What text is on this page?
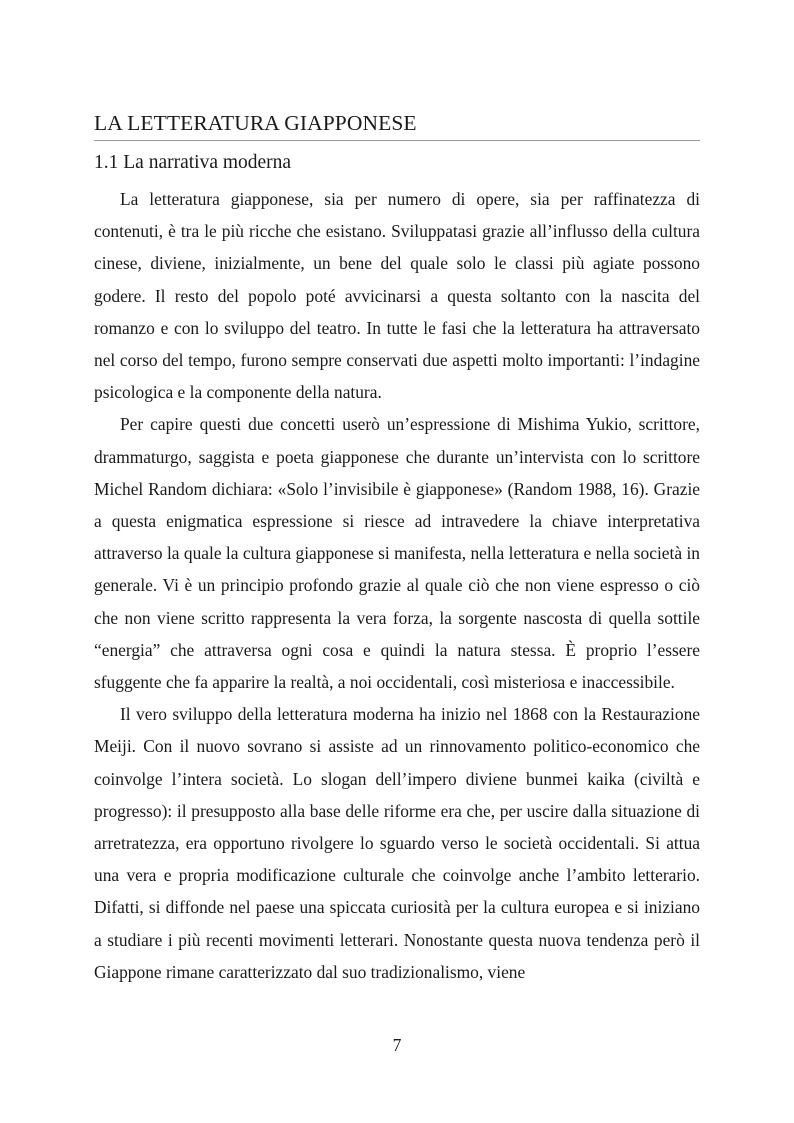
LA LETTERATURA GIAPPONESE
1.1 La narrativa moderna

La letteratura giapponese, sia per numero di opere, sia per raffinatezza di contenuti, è tra le più ricche che esistano. Sviluppatasi grazie all’influsso della cultura cinese, diviene, inizialmente, un bene del quale solo le classi più agiate possono godere. Il resto del popolo poté avvicinarsi a questa soltanto con la nascita del romanzo e con lo sviluppo del teatro. In tutte le fasi che la letteratura ha attraversato nel corso del tempo, furono sempre conservati due aspetti molto importanti: l’indagine psicologica e la componente della natura.

Per capire questi due concetti userò un’espressione di Mishima Yukio, scrittore, drammaturgo, saggista e poeta giapponese che durante un’intervista con lo scrittore Michel Random dichiara: «Solo l’invisibile è giapponese» (Random 1988, 16). Grazie a questa enigmatica espressione si riesce ad intravedere la chiave interpretativa attraverso la quale la cultura giapponese si manifesta, nella letteratura e nella società in generale. Vi è un principio profondo grazie al quale ciò che non viene espresso o ciò che non viene scritto rappresenta la vera forza, la sorgente nascosta di quella sottile “energia” che attraversa ogni cosa e quindi la natura stessa. È proprio l’essere sfuggente che fa apparire la realtà, a noi occidentali, così misteriosa e inaccessibile.

Il vero sviluppo della letteratura moderna ha inizio nel 1868 con la Restaurazione Meiji. Con il nuovo sovrano si assiste ad un rinnovamento politico-economico che coinvolge l’intera società. Lo slogan dell’impero diviene bunmei kaika (civiltà e progresso): il presupposto alla base delle riforme era che, per uscire dalla situazione di arretratezza, era opportuno rivolgere lo sguardo verso le società occidentali. Si attua una vera e propria modificazione culturale che coinvolge anche l’ambito letterario. Difatti, si diffonde nel paese una spiccata curiosità per la cultura europea e si iniziano a studiare i più recenti movimenti letterari. Nonostante questa nuova tendenza però il Giappone rimane caratterizzato dal suo tradizionalismo, viene

7
